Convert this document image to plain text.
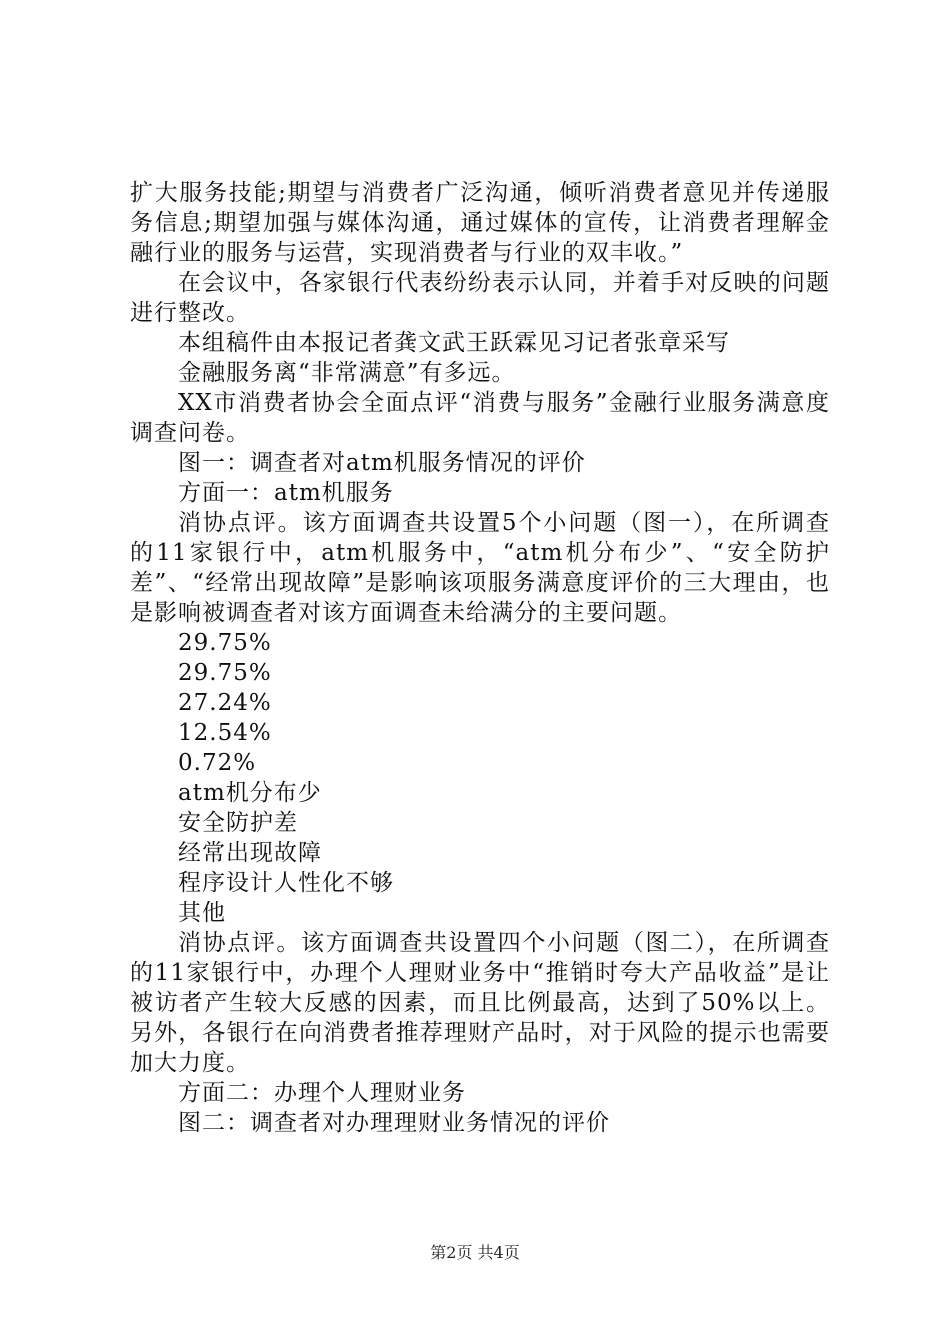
扩大服务技能;期望与消费者广泛沟通，倾听消费者意见并传递服务信息;期望加强与媒体沟通，通过媒体的宣传，让消费者理解金融行业的服务与运营，实现消费者与行业的双丰收。”

在会议中，各家银行代表纷纷表示认同，并着手对反映的问题进行整改。

本组稿件由本报记者龚文武王跃霖见习记者张章采写

金融服务离“非常满意”有多远。

XX市消费者协会全面点评“消费与服务”金融行业服务满意度调查问卷。

图一：调查者对atm机服务情况的评价

方面一：atm机服务

消协点评。该方面调查共设置5个小问题（图一），在所调查的11家银行中，atm机服务中，“atm机分布少”、“安全防护差”、“经常出现故障”是影响该项服务满意度评价的三大理由，也是影响被调查者对该方面调查未给满分的主要问题。

29.75%
29.75%
27.24%
12.54%
0.72%
atm机分布少
安全防护差
经常出现故障
程序设计人性化不够
其他

消协点评。该方面调查共设置四个小问题（图二），在所调查的11家银行中，办理个人理财业务中“推销时夸大产品收益”是让被访者产生较大反感的因素，而且比例最高，达到了50%以上。另外，各银行在向消费者推荐理财产品时，对于风险的提示也需要加大力度。

方面二：办理个人理财业务

图二：调查者对办理理财业务情况的评价

第2页 共4页
